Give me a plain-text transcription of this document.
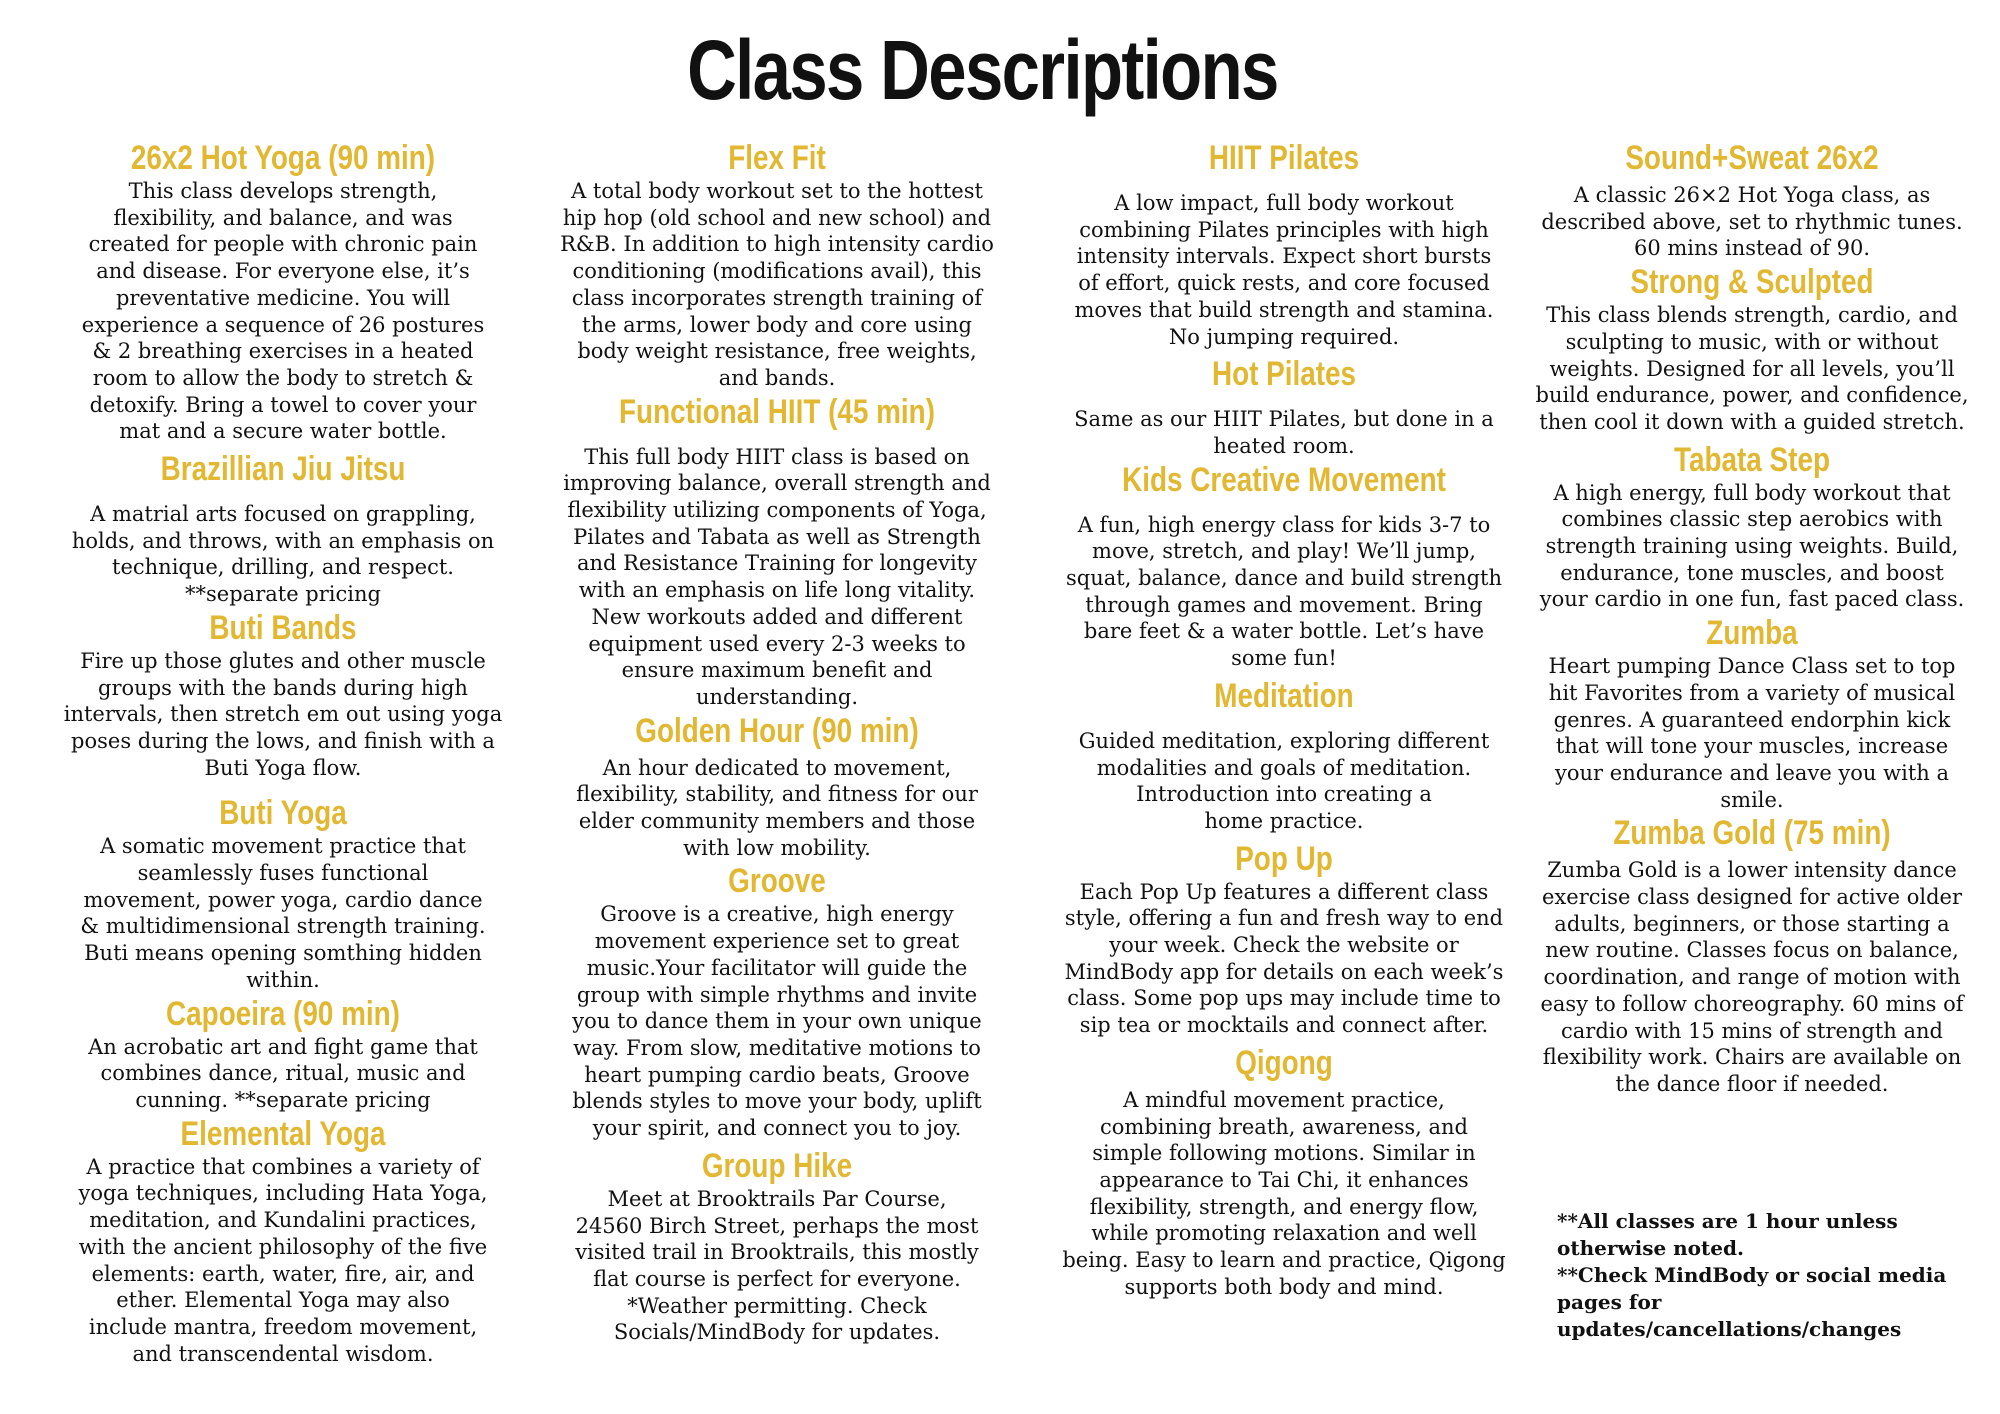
Class Descriptions
26x2 Hot Yoga (90 min)

This class develops strength,
flexibility, and balance, and was
created for people with chronic pain
and disease. For everyone else, it’s
preventative medicine. You will
experience a sequence of 26 postures
& 2 breathing exercises in a heated
room to allow the body to stretch &
detoxify. Bring a towel to cover your
mat and a secure water bottle.

Brazillian Jiu Jitsu

A matrial arts focused on grappling,
holds, and throws, with an emphasis on
technique, drilling, and respect.
**separate pricing

Buti Bands

Fire up those glutes and other muscle
groups with the bands during high
intervals, then stretch em out using yoga
poses during the lows, and finish with a
Buti Yoga flow.

Buti Yoga

A somatic movement practice that
seamlessly fuses functional
movement, power yoga, cardio dance
& multidimensional strength training.
Buti means opening somthing hidden
within.

Capoeira (90 min)

An acrobatic art and fight game that
combines dance, ritual, music and
cunning. **separate pricing

Elemental Yoga

A practice that combines a variety of
yoga techniques, including Hata Yoga,
meditation, and Kundalini practices,
with the ancient philosophy of the five
elements: earth, water, fire, air, and
ether. Elemental Yoga may also
include mantra, freedom movement,
and transcendental wisdom.

Flex Fit

A total body workout set to the hottest
hip hop (old school and new school) and
R&B. In addition to high intensity cardio
conditioning (modifications avail), this
class incorporates strength training of
the arms, lower body and core using
body weight resistance, free weights,
and bands.

Functional HIIT (45 min)

This full body HIIT class is based on
improving balance, overall strength and
flexibility utilizing components of Yoga,
Pilates and Tabata as well as Strength
and Resistance Training for longevity
with an emphasis on life long vitality.
New workouts added and different
equipment used every 2-3 weeks to
ensure maximum benefit and
understanding.

Golden Hour (90 min)

An hour dedicated to movement,
flexibility, stability, and fitness for our
elder community members and those
with low mobility.

Groove

Groove is a creative, high energy
movement experience set to great
music.Your facilitator will guide the
group with simple rhythms and invite
you to dance them in your own unique
way. From slow, meditative motions to
heart pumping cardio beats, Groove
blends styles to move your body, uplift
your spirit, and connect you to joy.

Group Hike

Meet at Brooktrails Par Course,
24560 Birch Street, perhaps the most
visited trail in Brooktrails, this mostly
flat course is perfect for everyone.
*Weather permitting. Check
Socials/MindBody for updates.

HIIT Pilates

A low impact, full body workout
combining Pilates principles with high
intensity intervals. Expect short bursts
of effort, quick rests, and core focused
moves that build strength and stamina.
No jumping required.

Hot Pilates

Same as our HIIT Pilates, but done in a
heated room.

Kids Creative Movement

A fun, high energy class for kids 3-7 to
move, stretch, and play! We’ll jump,
squat, balance, dance and build strength
through games and movement. Bring
bare feet & a water bottle. Let’s have
some fun!

Meditation

Guided meditation, exploring different
modalities and goals of meditation.
Introduction into creating a
home practice.

Pop Up

Each Pop Up features a different class
style, offering a fun and fresh way to end
your week. Check the website or
MindBody app for details on each week’s
class. Some pop ups may include time to
sip tea or mocktails and connect after.

Qigong

A mindful movement practice,
combining breath, awareness, and
simple following motions. Similar in
appearance to Tai Chi, it enhances
flexibility, strength, and energy flow,
while promoting relaxation and well
being. Easy to learn and practice, Qigong
supports both body and mind.

Sound+Sweat 26x2

A classic 26×2 Hot Yoga class, as
described above, set to rhythmic tunes.
60 mins instead of 90.

Strong & Sculpted

This class blends strength, cardio, and
sculpting to music, with or without
weights. Designed for all levels, you’ll
build endurance, power, and confidence,
then cool it down with a guided stretch.

Tabata Step

A high energy, full body workout that
combines classic step aerobics with
strength training using weights. Build,
endurance, tone muscles, and boost
your cardio in one fun, fast paced class.

Zumba

Heart pumping Dance Class set to top
hit Favorites from a variety of musical
genres. A guaranteed endorphin kick
that will tone your muscles, increase
your endurance and leave you with a
smile.

Zumba Gold (75 min)

Zumba Gold is a lower intensity dance
exercise class designed for active older
adults, beginners, or those starting a
new routine. Classes focus on balance,
coordination, and range of motion with
easy to follow choreography. 60 mins of
cardio with 15 mins of strength and
flexibility work. Chairs are available on
the dance floor if needed.

**All classes are 1 hour unless otherwise noted.

**Check MindBody or social media pages for updates/cancellations/changes
